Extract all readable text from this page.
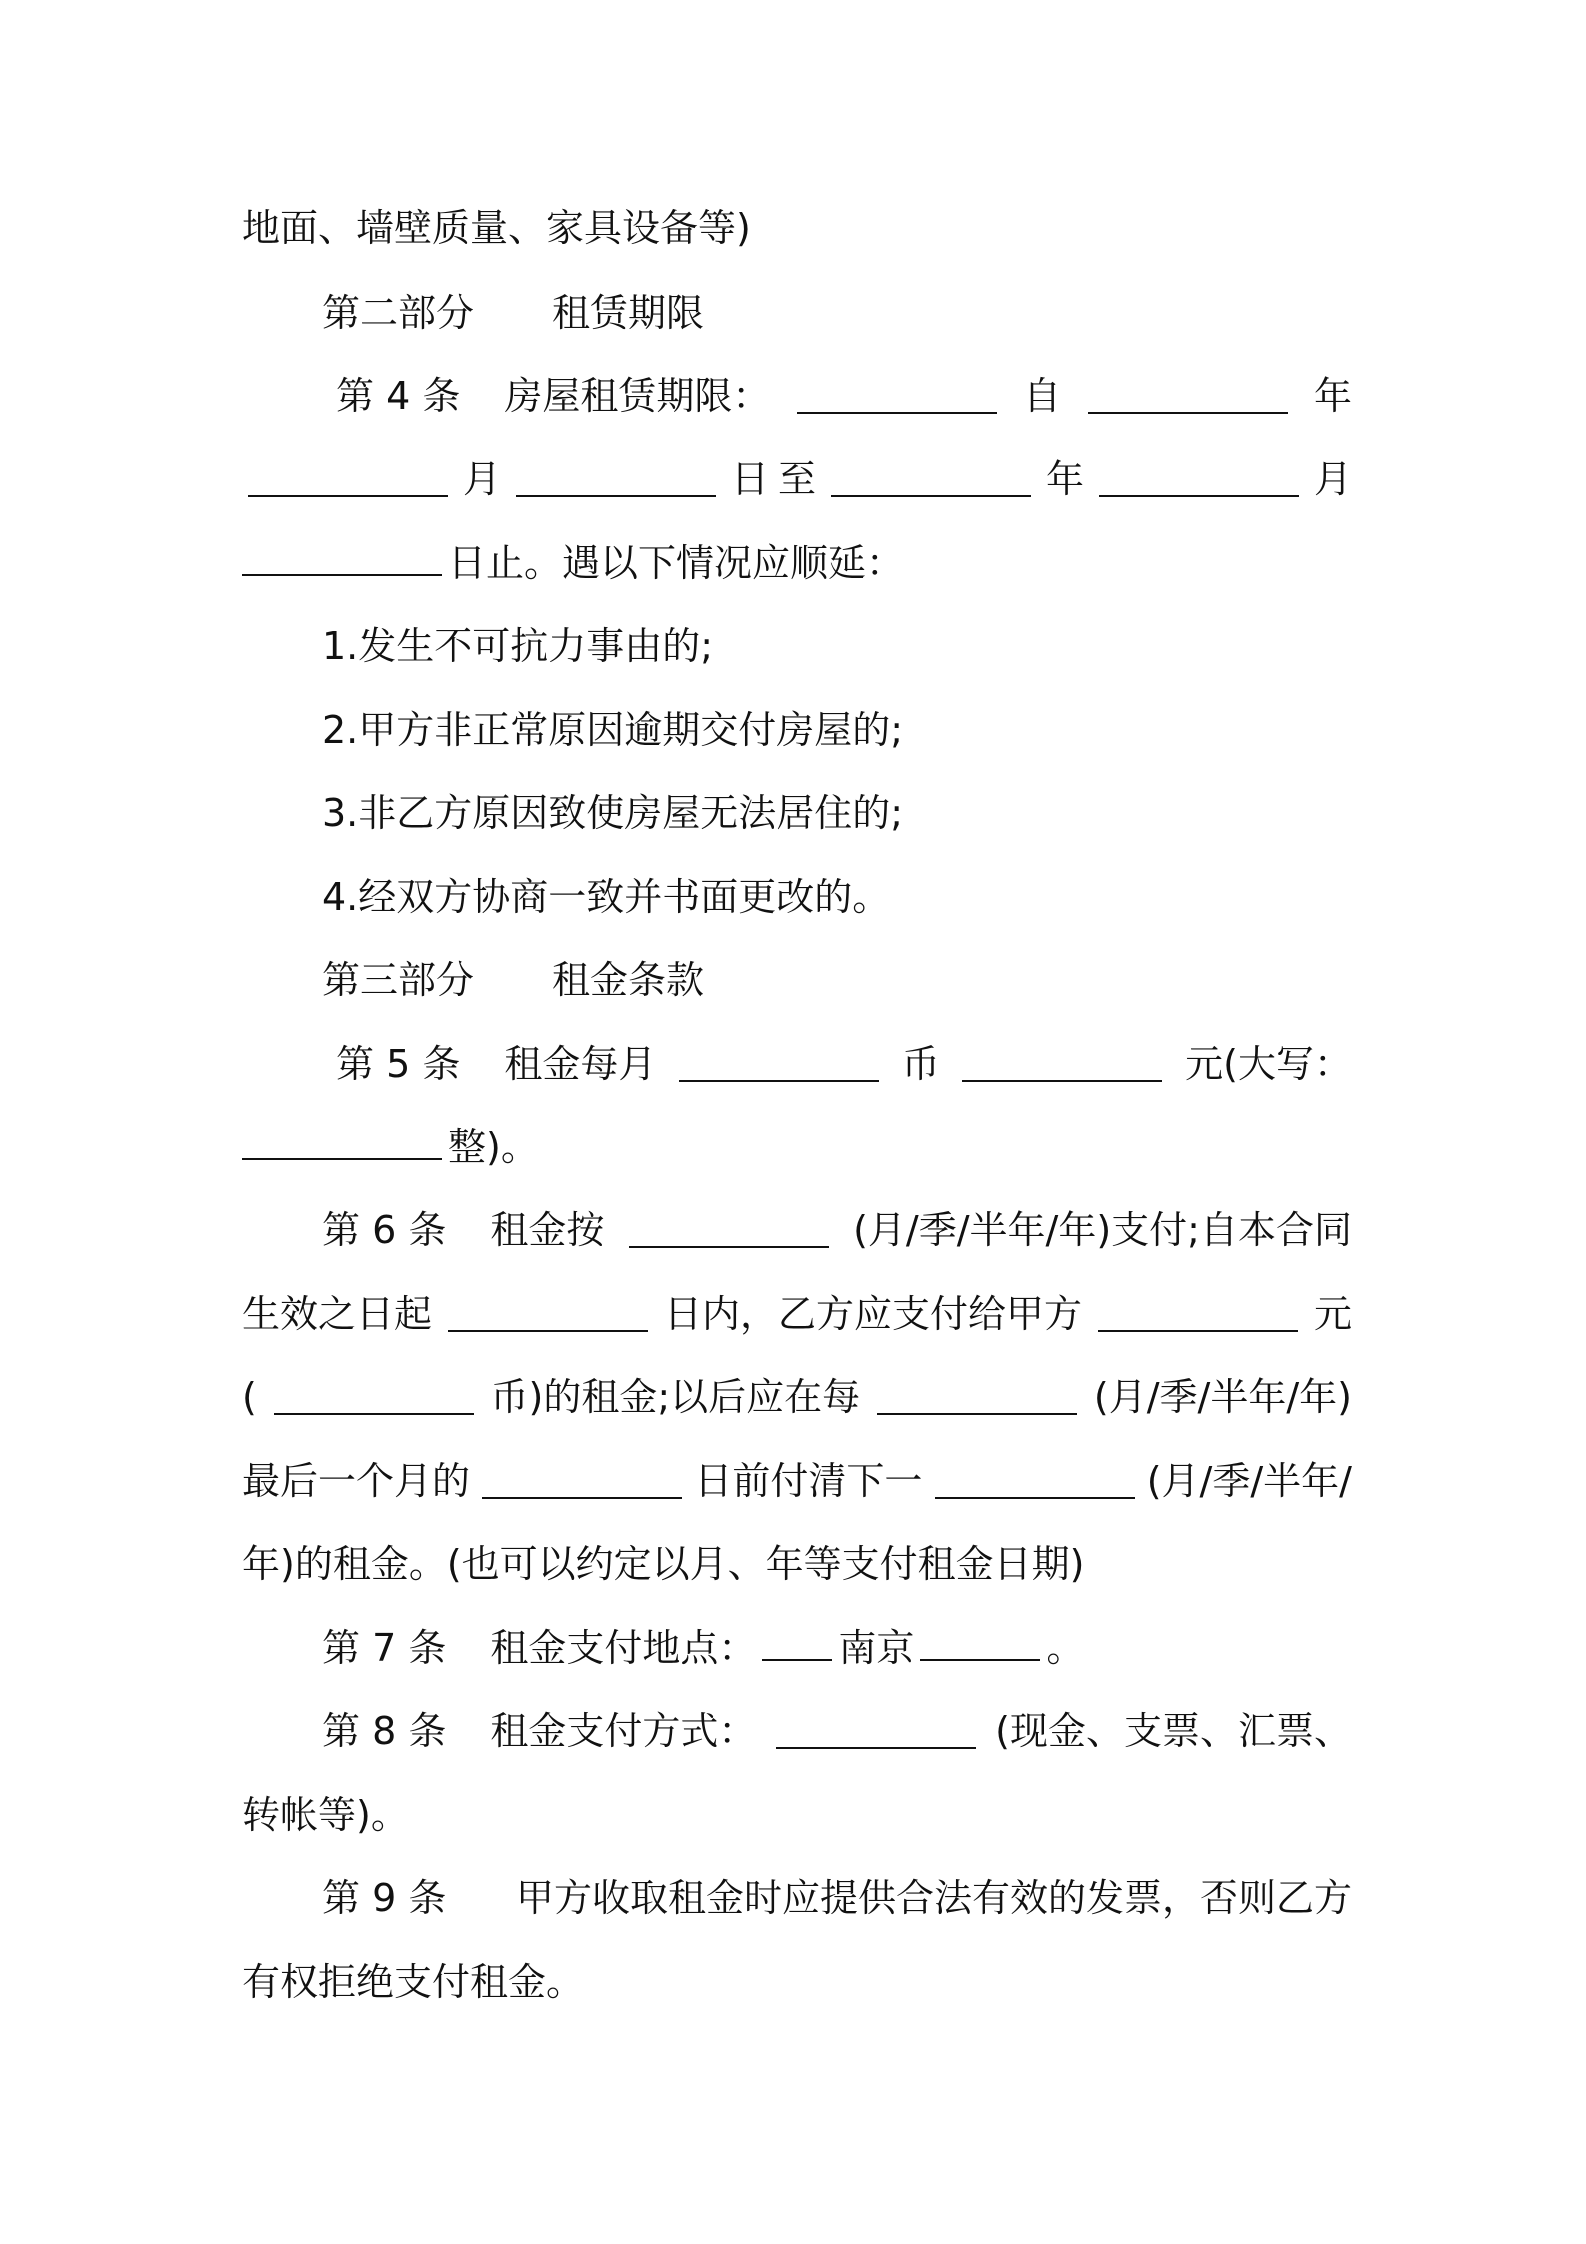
地面、墙壁质量、家具设备等)
第二部分 租赁期限
第 4 条 房屋租赁期限：	自	年
月	日 至	年	月
日止。遇以下情况应顺延：
1.发生不可抗力事由的;
2.甲方非正常原因逾期交付房屋的;
3.非乙方原因致使房屋无法居住的;
4.经双方协商一致并书面更改的。
第三部分 租金条款
第 5 条 租金每月	币	元(大写：
整)。
第 6 条 租金按	(月/季/半年/年)支付;自本合同
生效之日起	日内，乙方应支付给甲方	元
(	币)的租金;以后应在每	(月/季/半年/年)
最后一个月的	日前付清下一	(月/季/半年/
年)的租金。(也可以约定以月、年等支付租金日期)
第 7 条 租金支付地点： 南京	。
第 8 条 租金支付方式：	(现金、支票、汇票、
转帐等)。
第 9 条 甲方收取租金时应提供合法有效的发票，否则乙方
有权拒绝支付租金。
